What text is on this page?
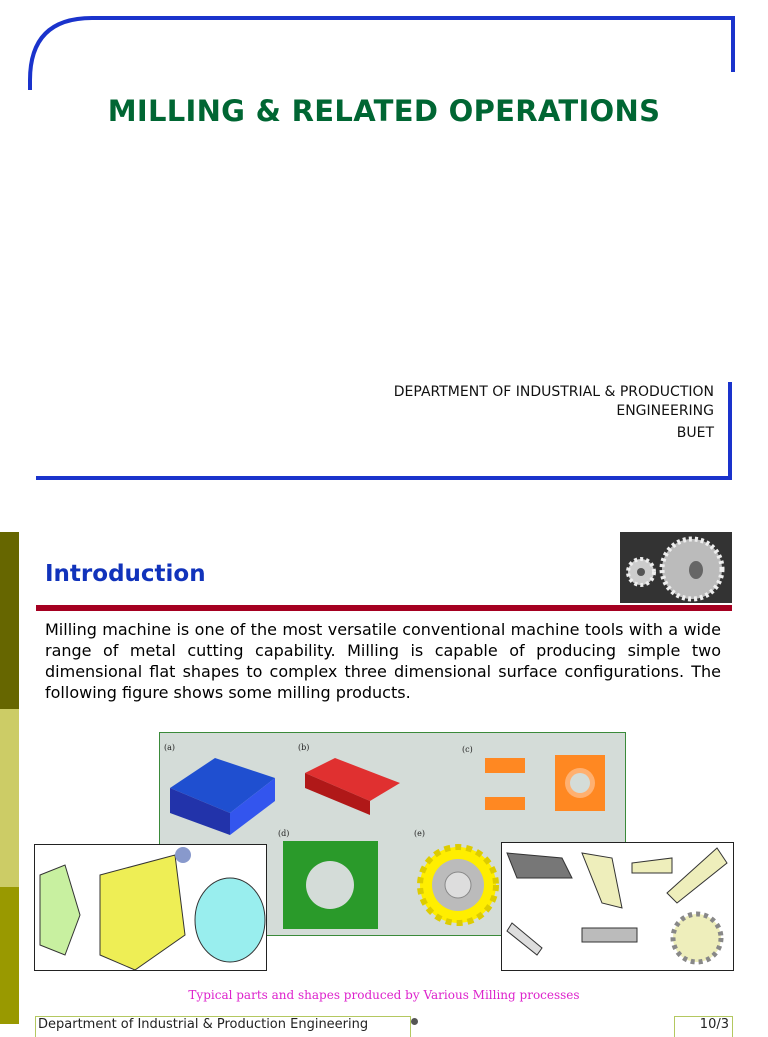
MILLING & RELATED OPERATIONS
DEPARTMENT OF INDUSTRIAL & PRODUCTION
ENGINEERING
BUET
Introduction
Milling machine is one of the most versatile conventional machine tools with a wide range of metal cutting capability. Milling is capable of producing simple two dimensional flat shapes to complex three dimensional surface configurations. The following figure shows some milling products.
(a)	(b)	(c)
(d)	(e)
Typical parts and shapes produced by Various Milling processes
Department of Industrial & Production Engineering	10/3
